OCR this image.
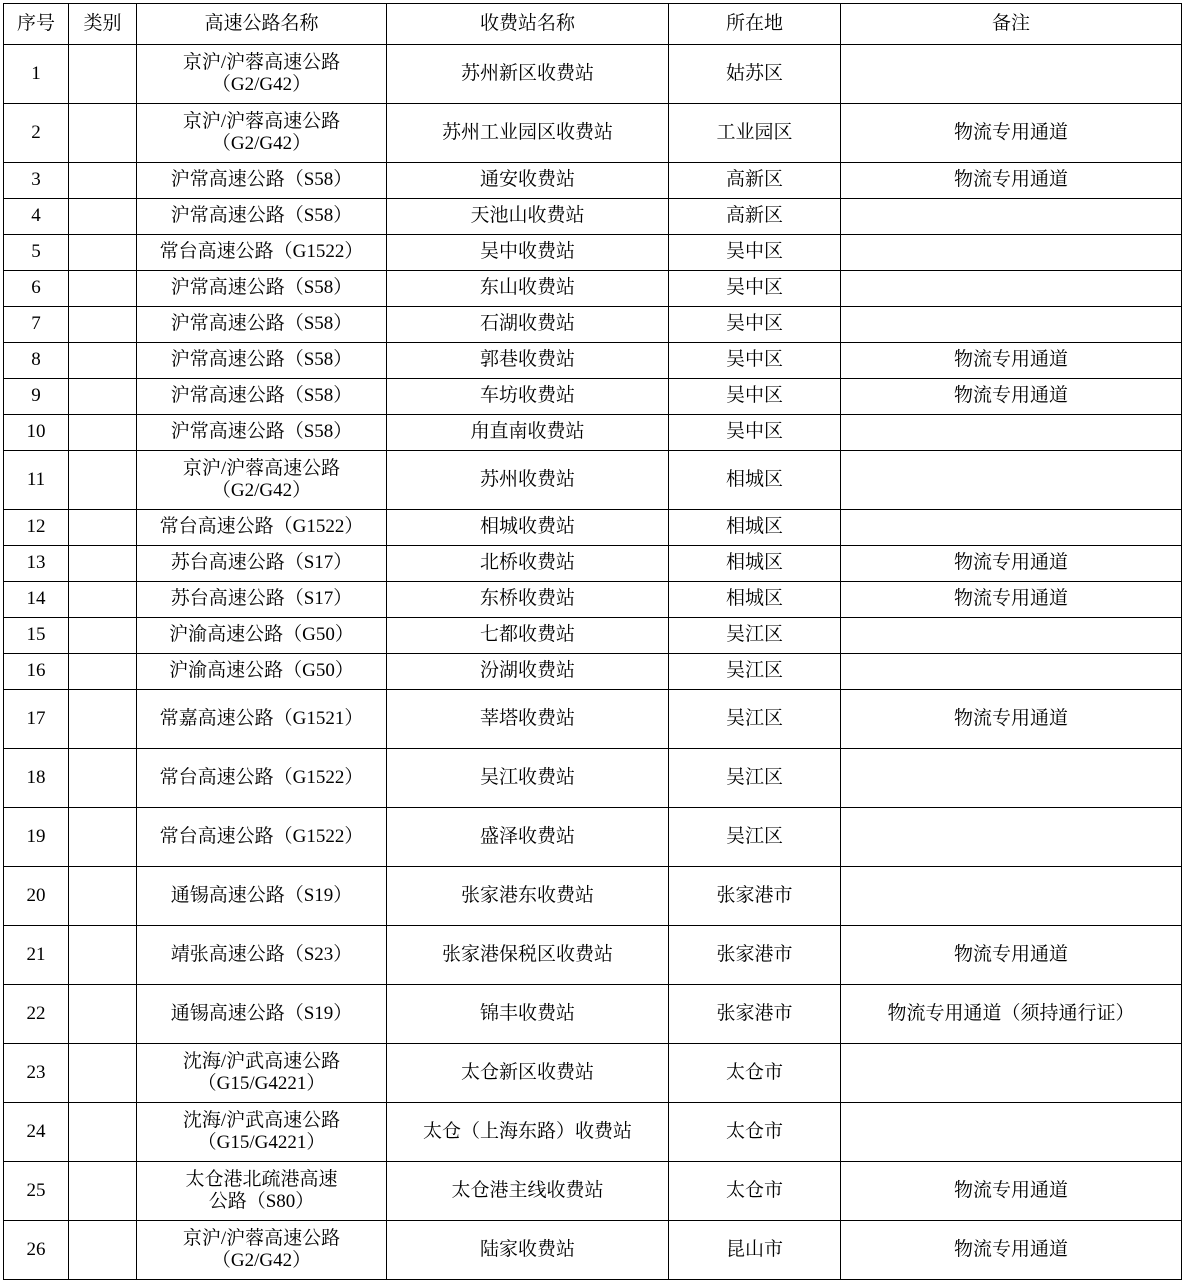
序号	类别	高速公路名称	收费站名称	所在地	备注
1		京沪/沪蓉高速公路
（G2/G42）	苏州新区收费站	姑苏区	
2		京沪/沪蓉高速公路
（G2/G42）	苏州工业园区收费站	工业园区	物流专用通道
3		沪常高速公路（S58）	通安收费站	高新区	物流专用通道
4		沪常高速公路（S58）	天池山收费站	高新区	
5		常台高速公路（G1522）	吴中收费站	吴中区	
6		沪常高速公路（S58）	东山收费站	吴中区	
7		沪常高速公路（S58）	石湖收费站	吴中区	
8		沪常高速公路（S58）	郭巷收费站	吴中区	物流专用通道
9		沪常高速公路（S58）	车坊收费站	吴中区	物流专用通道
10		沪常高速公路（S58）	甪直南收费站	吴中区	
11		京沪/沪蓉高速公路
（G2/G42）	苏州收费站	相城区	
12		常台高速公路（G1522）	相城收费站	相城区	
13		苏台高速公路（S17）	北桥收费站	相城区	物流专用通道
14		苏台高速公路（S17）	东桥收费站	相城区	物流专用通道
15		沪渝高速公路（G50）	七都收费站	吴江区	
16		沪渝高速公路（G50）	汾湖收费站	吴江区	
17		常嘉高速公路（G1521）	莘塔收费站	吴江区	物流专用通道
18		常台高速公路（G1522）	吴江收费站	吴江区	
19		常台高速公路（G1522）	盛泽收费站	吴江区	
20		通锡高速公路（S19）	张家港东收费站	张家港市	
21		靖张高速公路（S23）	张家港保税区收费站	张家港市	物流专用通道
22		通锡高速公路（S19）	锦丰收费站	张家港市	物流专用通道（须持通行证）
23		沈海/沪武高速公路
（G15/G4221）	太仓新区收费站	太仓市	
24		沈海/沪武高速公路
（G15/G4221）	太仓（上海东路）收费站	太仓市	
25		太仓港北疏港高速
公路（S80）	太仓港主线收费站	太仓市	物流专用通道
26		京沪/沪蓉高速公路
（G2/G42）	陆家收费站	昆山市	物流专用通道
